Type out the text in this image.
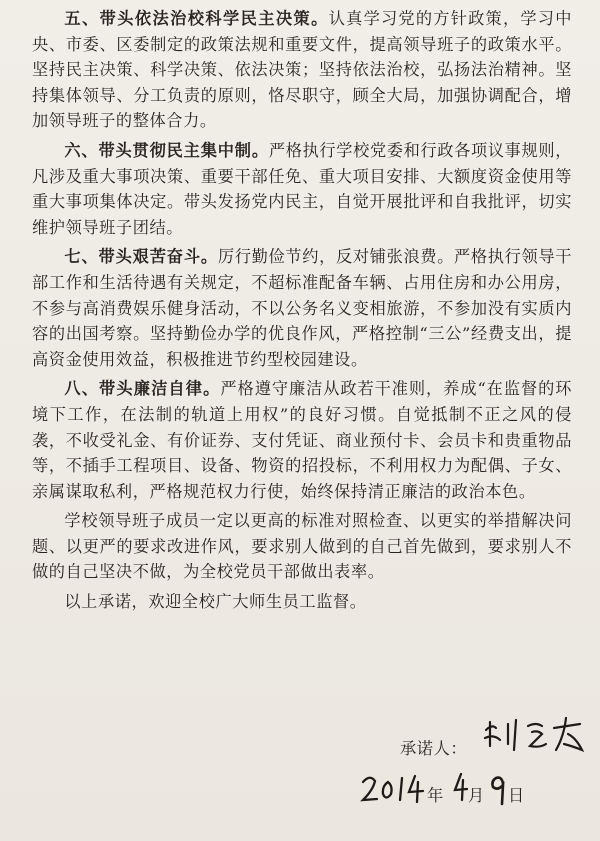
五、带头依法治校科学民主决策。认真学习党的方针政策，学习中央、市委、区委制定的政策法规和重要文件，提高领导班子的政策水平。坚持民主决策、科学决策、依法决策；坚持依法治校，弘扬法治精神。坚持集体领导、分工负责的原则，恪尽职守，顾全大局，加强协调配合，增加领导班子的整体合力。

六、带头贯彻民主集中制。严格执行学校党委和行政各项议事规则，凡涉及重大事项决策、重要干部任免、重大项目安排、大额度资金使用等重大事项集体决定。带头发扬党内民主，自觉开展批评和自我批评，切实维护领导班子团结。

七、带头艰苦奋斗。厉行勤俭节约，反对铺张浪费。严格执行领导干部工作和生活待遇有关规定，不超标准配备车辆、占用住房和办公用房，不参与高消费娱乐健身活动，不以公务名义变相旅游，不参加没有实质内容的出国考察。坚持勤俭办学的优良作风，严格控制“三公”经费支出，提高资金使用效益，积极推进节约型校园建设。

八、带头廉洁自律。严格遵守廉洁从政若干准则，养成“在监督的环境下工作，在法制的轨道上用权”的良好习惯。自觉抵制不正之风的侵袭，不收受礼金、有价证券、支付凭证、商业预付卡、会员卡和贵重物品等，不插手工程项目、设备、物资的招投标，不利用权力为配偶、子女、亲属谋取私利，严格规范权力行使，始终保持清正廉洁的政治本色。

学校领导班子成员一定以更高的标准对照检查、以更实的举措解决问题、以更严的要求改进作风，要求别人做到的自己首先做到，要求别人不做的自己坚决不做，为全校党员干部做出表率。

以上承诺，欢迎全校广大师生员工监督。

承诺人：
年 月 日
